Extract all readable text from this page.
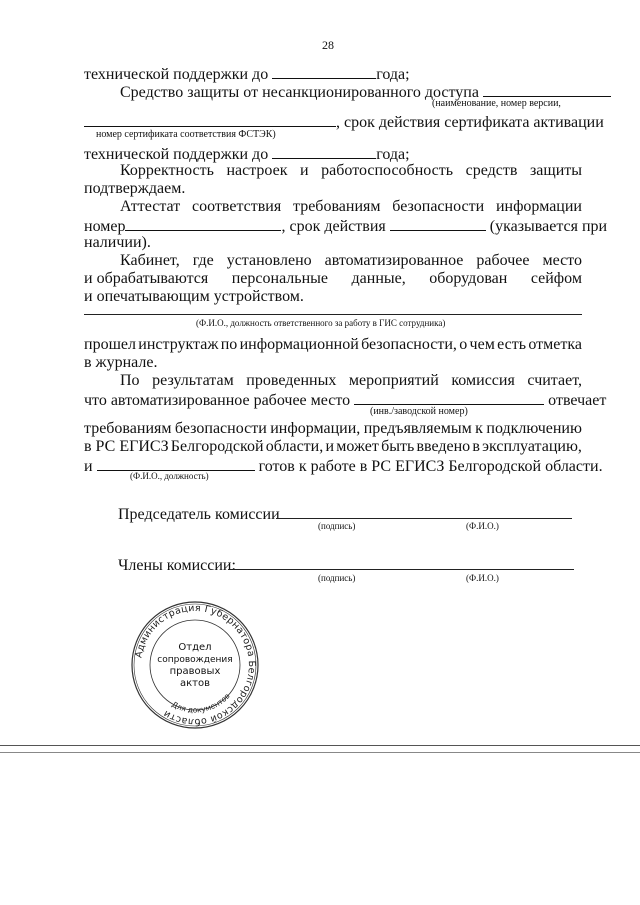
28
технической поддержки до	года;
Средство защиты от несанкционированного доступа
(наименование, номер версии,
, срок действия сертификата активации
номер сертификата соответствия ФСТЭК)
технической поддержки до	года;
Корректность настроек и работоспособность средств защиты
подтверждаем.
Аттестат соответствия требованиям безопасности информации
номер	, срок действия	(указывается при
наличии).
Кабинет, где установлено автоматизированное рабочее место
и обрабатываются персональные данные, оборудован сейфом
и опечатывающим устройством.
(Ф.И.О., должность ответственного за работу в ГИС сотрудника)
прошел инструктаж по информационной безопасности, о чем есть отметка
в журнале.
По результатам проведенных мероприятий комиссия считает,
что автоматизированное рабочее место	отвечает
(инв./заводской номер)
требованиям безопасности информации, предъявляемым к подключению
в РС ЕГИСЗ Белгородской области, и может быть введено в эксплуатацию,
и	готов к работе в РС ЕГИСЗ Белгородской области.
(Ф.И.О., должность)
Председатель комиссии
(подпись)	(Ф.И.О.)
Члены комиссии:
(подпись)	(Ф.И.О.)
Администрация Губернатора Белгородской области
Для документов
Отдел
сопровождения
правовых
актов
